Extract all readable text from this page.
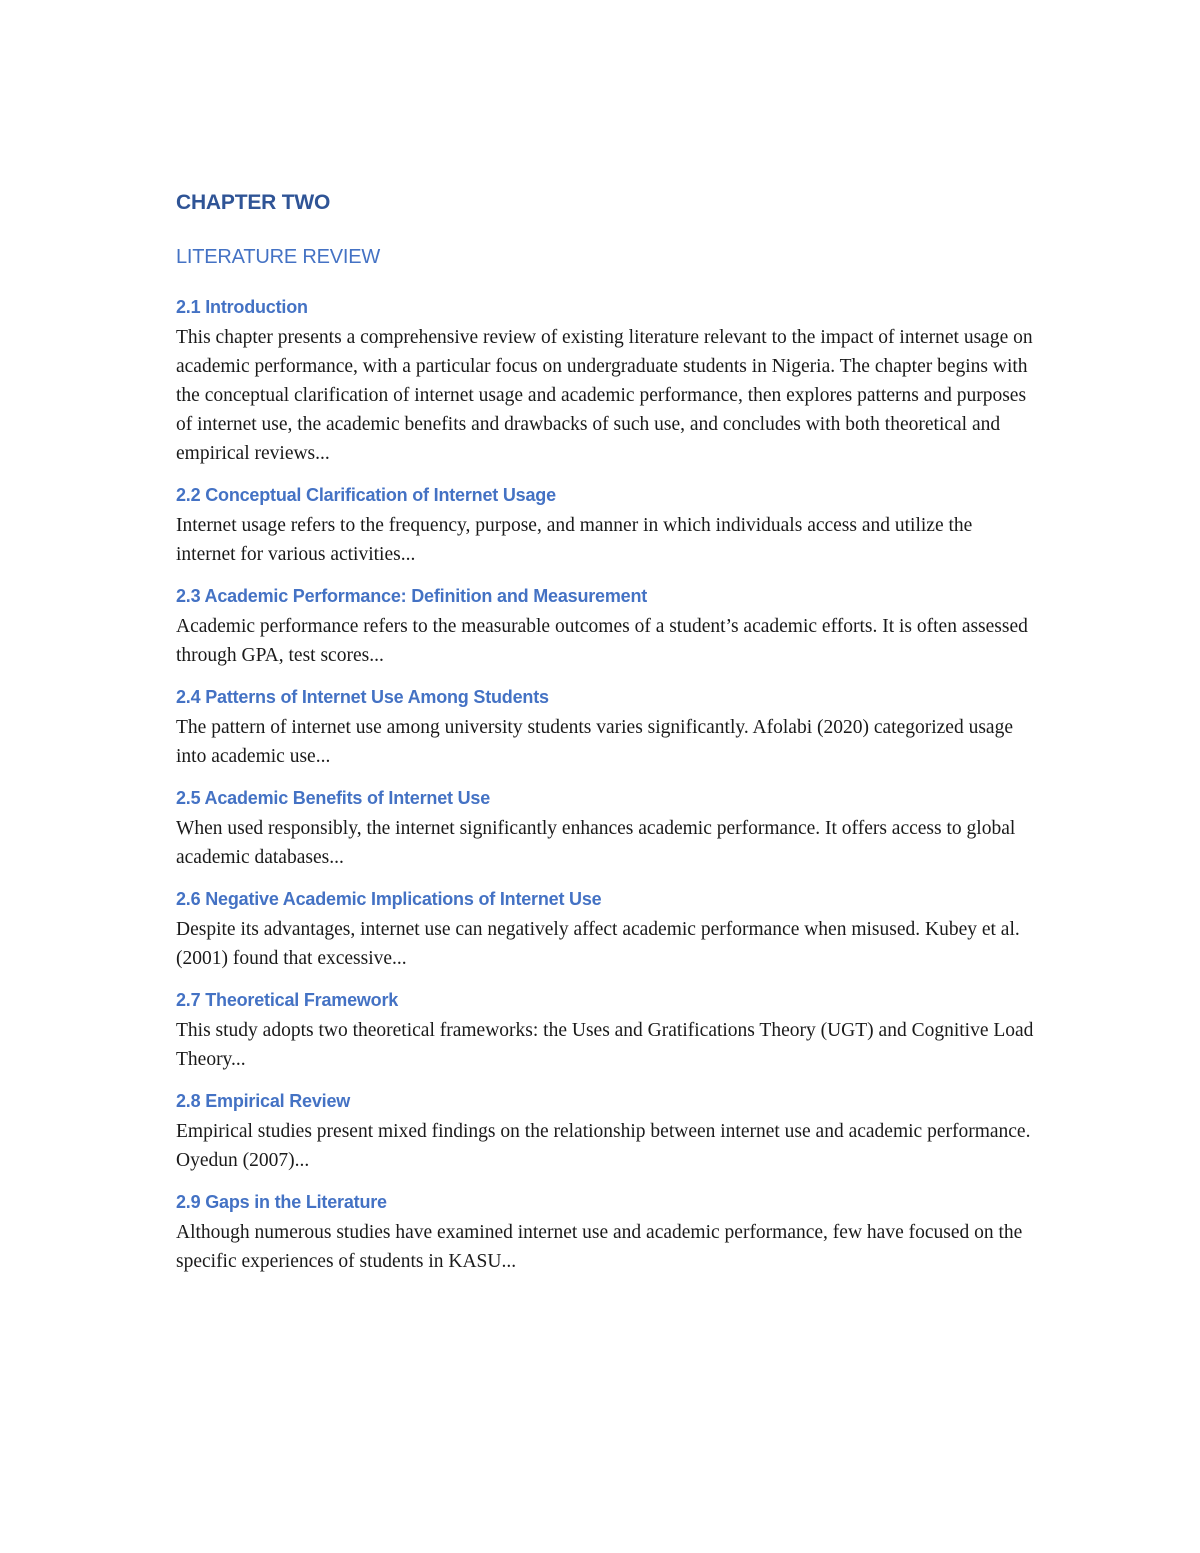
CHAPTER TWO
LITERATURE REVIEW
2.1 Introduction

This chapter presents a comprehensive review of existing literature relevant to the impact of internet usage on academic performance, with a particular focus on undergraduate students in Nigeria. The chapter begins with the conceptual clarification of internet usage and academic performance, then explores patterns and purposes of internet use, the academic benefits and drawbacks of such use, and concludes with both theoretical and empirical reviews...

2.2 Conceptual Clarification of Internet Usage

Internet usage refers to the frequency, purpose, and manner in which individuals access and utilize the internet for various activities...

2.3 Academic Performance: Definition and Measurement

Academic performance refers to the measurable outcomes of a student’s academic efforts. It is often assessed through GPA, test scores...

2.4 Patterns of Internet Use Among Students

The pattern of internet use among university students varies significantly. Afolabi (2020) categorized usage into academic use...

2.5 Academic Benefits of Internet Use

When used responsibly, the internet significantly enhances academic performance. It offers access to global academic databases...

2.6 Negative Academic Implications of Internet Use

Despite its advantages, internet use can negatively affect academic performance when misused. Kubey et al. (2001) found that excessive...

2.7 Theoretical Framework

This study adopts two theoretical frameworks: the Uses and Gratifications Theory (UGT) and Cognitive Load Theory...

2.8 Empirical Review

Empirical studies present mixed findings on the relationship between internet use and academic performance. Oyedun (2007)...

2.9 Gaps in the Literature

Although numerous studies have examined internet use and academic performance, few have focused on the specific experiences of students in KASU...
